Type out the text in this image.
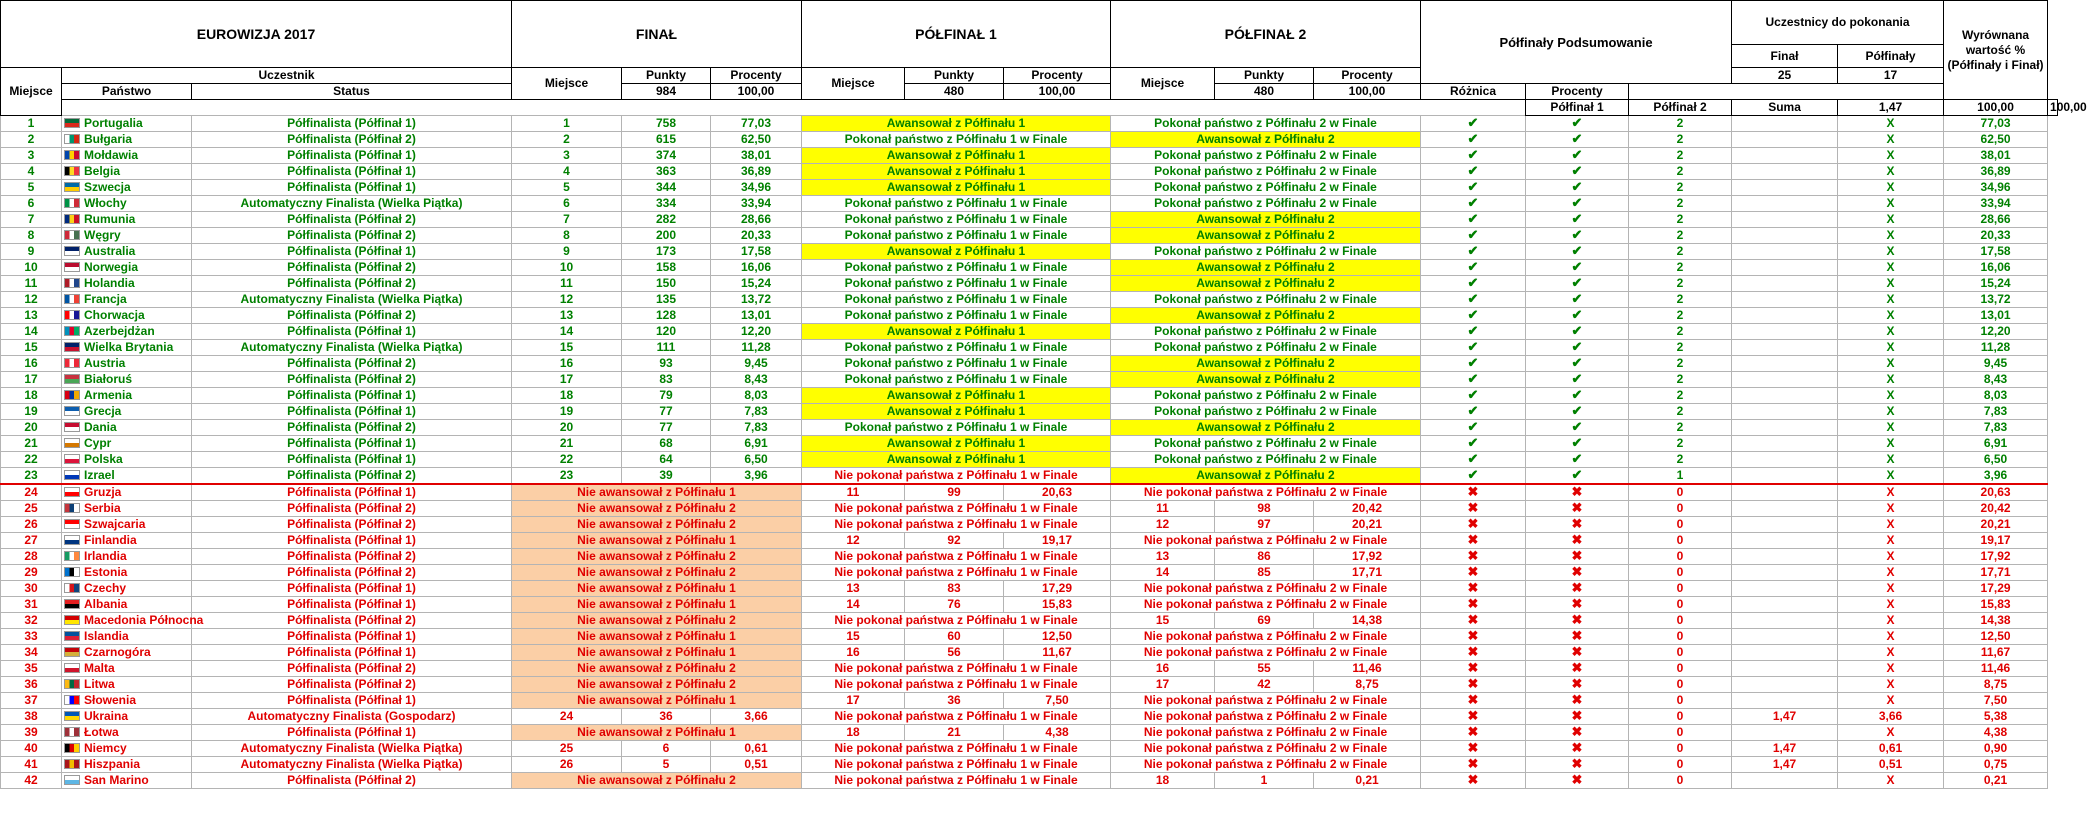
EUROWIZJA 2017			FINAŁ			PÓŁFINAŁ 1			PÓŁFINAŁ 2			Półfinały Podsumowanie			Uczestnicy do pokonania		Wyrównana wartość % (Półfinały i Finał)	
															Finał	Półfinały		
Miejsce	Uczestnik		Miejsce	Punkty	Procenty	Miejsce	Punkty	Procenty	Miejsce	Punkty	Procenty				25	17		
	Państwo	Status		984	100,00		480	100,00		480	100,00	Różnica	Procenty					
													Półfinał 1	Półfinał 2	Suma	1,47	100,00	100,00
1	Portugalia	Półfinalista (Półfinał 1)	1	758	77,03	Awansował z Półfinału 1			Pokonał państwo z Półfinału 2 w Finale			✔	✔	2		X	77,03	
2	Bułgaria	Półfinalista (Półfinał 2)	2	615	62,50	Pokonał państwo z Półfinału 1 w Finale			Awansował z Półfinału 2			✔	✔	2		X	62,50	
3	Mołdawia	Półfinalista (Półfinał 1)	3	374	38,01	Awansował z Półfinału 1			Pokonał państwo z Półfinału 2 w Finale			✔	✔	2		X	38,01	
4	Belgia	Półfinalista (Półfinał 1)	4	363	36,89	Awansował z Półfinału 1			Pokonał państwo z Półfinału 2 w Finale			✔	✔	2		X	36,89	
5	Szwecja	Półfinalista (Półfinał 1)	5	344	34,96	Awansował z Półfinału 1			Pokonał państwo z Półfinału 2 w Finale			✔	✔	2		X	34,96	
6	Włochy	Automatyczny Finalista (Wielka Piątka)	6	334	33,94	Pokonał państwo z Półfinału 1 w Finale			Pokonał państwo z Półfinału 2 w Finale			✔	✔	2		X	33,94	
7	Rumunia	Półfinalista (Półfinał 2)	7	282	28,66	Pokonał państwo z Półfinału 1 w Finale			Awansował z Półfinału 2			✔	✔	2		X	28,66	
8	Węgry	Półfinalista (Półfinał 2)	8	200	20,33	Pokonał państwo z Półfinału 1 w Finale			Awansował z Półfinału 2			✔	✔	2		X	20,33	
9	Australia	Półfinalista (Półfinał 1)	9	173	17,58	Awansował z Półfinału 1			Pokonał państwo z Półfinału 2 w Finale			✔	✔	2		X	17,58	
10	Norwegia	Półfinalista (Półfinał 2)	10	158	16,06	Pokonał państwo z Półfinału 1 w Finale			Awansował z Półfinału 2			✔	✔	2		X	16,06	
11	Holandia	Półfinalista (Półfinał 2)	11	150	15,24	Pokonał państwo z Półfinału 1 w Finale			Awansował z Półfinału 2			✔	✔	2		X	15,24	
12	Francja	Automatyczny Finalista (Wielka Piątka)	12	135	13,72	Pokonał państwo z Półfinału 1 w Finale			Pokonał państwo z Półfinału 2 w Finale			✔	✔	2		X	13,72	
13	Chorwacja	Półfinalista (Półfinał 2)	13	128	13,01	Pokonał państwo z Półfinału 1 w Finale			Awansował z Półfinału 2			✔	✔	2		X	13,01	
14	Azerbejdżan	Półfinalista (Półfinał 1)	14	120	12,20	Awansował z Półfinału 1			Pokonał państwo z Półfinału 2 w Finale			✔	✔	2		X	12,20	
15	Wielka Brytania	Automatyczny Finalista (Wielka Piątka)	15	111	11,28	Pokonał państwo z Półfinału 1 w Finale			Pokonał państwo z Półfinału 2 w Finale			✔	✔	2		X	11,28	
16	Austria	Półfinalista (Półfinał 2)	16	93	9,45	Pokonał państwo z Półfinału 1 w Finale			Awansował z Półfinału 2			✔	✔	2		X	9,45	
17	Białoruś	Półfinalista (Półfinał 2)	17	83	8,43	Pokonał państwo z Półfinału 1 w Finale			Awansował z Półfinału 2			✔	✔	2		X	8,43	
18	Armenia	Półfinalista (Półfinał 1)	18	79	8,03	Awansował z Półfinału 1			Pokonał państwo z Półfinału 2 w Finale			✔	✔	2		X	8,03	
19	Grecja	Półfinalista (Półfinał 1)	19	77	7,83	Awansował z Półfinału 1			Pokonał państwo z Półfinału 2 w Finale			✔	✔	2		X	7,83	
20	Dania	Półfinalista (Półfinał 2)	20	77	7,83	Pokonał państwo z Półfinału 1 w Finale			Awansował z Półfinału 2			✔	✔	2		X	7,83	
21	Cypr	Półfinalista (Półfinał 1)	21	68	6,91	Awansował z Półfinału 1			Pokonał państwo z Półfinału 2 w Finale			✔	✔	2		X	6,91	
22	Polska	Półfinalista (Półfinał 1)	22	64	6,50	Awansował z Półfinału 1			Pokonał państwo z Półfinału 2 w Finale			✔	✔	2		X	6,50	
23	Izrael	Półfinalista (Półfinał 2)	23	39	3,96	Nie pokonał państwa z Półfinału 1 w Finale			Awansował z Półfinału 2			✔	✔	1		X	3,96	
24	Gruzja	Półfinalista (Półfinał 1)	Nie awansował z Półfinału 1			11	99	20,63	Nie pokonał państwa z Półfinału 2 w Finale			✖	✖	0		X	20,63	
25	Serbia	Półfinalista (Półfinał 2)	Nie awansował z Półfinału 2			Nie pokonał państwa z Półfinału 1 w Finale			11	98	20,42	✖	✖	0		X	20,42	
26	Szwajcaria	Półfinalista (Półfinał 2)	Nie awansował z Półfinału 2			Nie pokonał państwa z Półfinału 1 w Finale			12	97	20,21	✖	✖	0		X	20,21	
27	Finlandia	Półfinalista (Półfinał 1)	Nie awansował z Półfinału 1			12	92	19,17	Nie pokonał państwa z Półfinału 2 w Finale			✖	✖	0		X	19,17	
28	Irlandia	Półfinalista (Półfinał 2)	Nie awansował z Półfinału 2			Nie pokonał państwa z Półfinału 1 w Finale			13	86	17,92	✖	✖	0		X	17,92	
29	Estonia	Półfinalista (Półfinał 2)	Nie awansował z Półfinału 2			Nie pokonał państwa z Półfinału 1 w Finale			14	85	17,71	✖	✖	0		X	17,71	
30	Czechy	Półfinalista (Półfinał 1)	Nie awansował z Półfinału 1			13	83	17,29	Nie pokonał państwa z Półfinału 2 w Finale			✖	✖	0		X	17,29	
31	Albania	Półfinalista (Półfinał 1)	Nie awansował z Półfinału 1			14	76	15,83	Nie pokonał państwa z Półfinału 2 w Finale			✖	✖	0		X	15,83	
32	Macedonia Północna	Półfinalista (Półfinał 2)	Nie awansował z Półfinału 2			Nie pokonał państwa z Półfinału 1 w Finale			15	69	14,38	✖	✖	0		X	14,38	
33	Islandia	Półfinalista (Półfinał 1)	Nie awansował z Półfinału 1			15	60	12,50	Nie pokonał państwa z Półfinału 2 w Finale			✖	✖	0		X	12,50	
34	Czarnogóra	Półfinalista (Półfinał 1)	Nie awansował z Półfinału 1			16	56	11,67	Nie pokonał państwa z Półfinału 2 w Finale			✖	✖	0		X	11,67	
35	Malta	Półfinalista (Półfinał 2)	Nie awansował z Półfinału 2			Nie pokonał państwa z Półfinału 1 w Finale			16	55	11,46	✖	✖	0		X	11,46	
36	Litwa	Półfinalista (Półfinał 2)	Nie awansował z Półfinału 2			Nie pokonał państwa z Półfinału 1 w Finale			17	42	8,75	✖	✖	0		X	8,75	
37	Słowenia	Półfinalista (Półfinał 1)	Nie awansował z Półfinału 1			17	36	7,50	Nie pokonał państwa z Półfinału 2 w Finale			✖	✖	0		X	7,50	
38	Ukraina	Automatyczny Finalista (Gospodarz)	24	36	3,66	Nie pokonał państwa z Półfinału 1 w Finale			Nie pokonał państwa z Półfinału 2 w Finale			✖	✖	0	1,47	3,66	5,38	
39	Łotwa	Półfinalista (Półfinał 1)	Nie awansował z Półfinału 1			18	21	4,38	Nie pokonał państwa z Półfinału 2 w Finale			✖	✖	0		X	4,38	
40	Niemcy	Automatyczny Finalista (Wielka Piątka)	25	6	0,61	Nie pokonał państwa z Półfinału 1 w Finale			Nie pokonał państwa z Półfinału 2 w Finale			✖	✖	0	1,47	0,61	0,90	
41	Hiszpania	Automatyczny Finalista (Wielka Piątka)	26	5	0,51	Nie pokonał państwa z Półfinału 1 w Finale			Nie pokonał państwa z Półfinału 2 w Finale			✖	✖	0	1,47	0,51	0,75	
42	San Marino	Półfinalista (Półfinał 2)	Nie awansował z Półfinału 2			Nie pokonał państwa z Półfinału 1 w Finale			18	1	0,21	✖	✖	0		X	0,21	
